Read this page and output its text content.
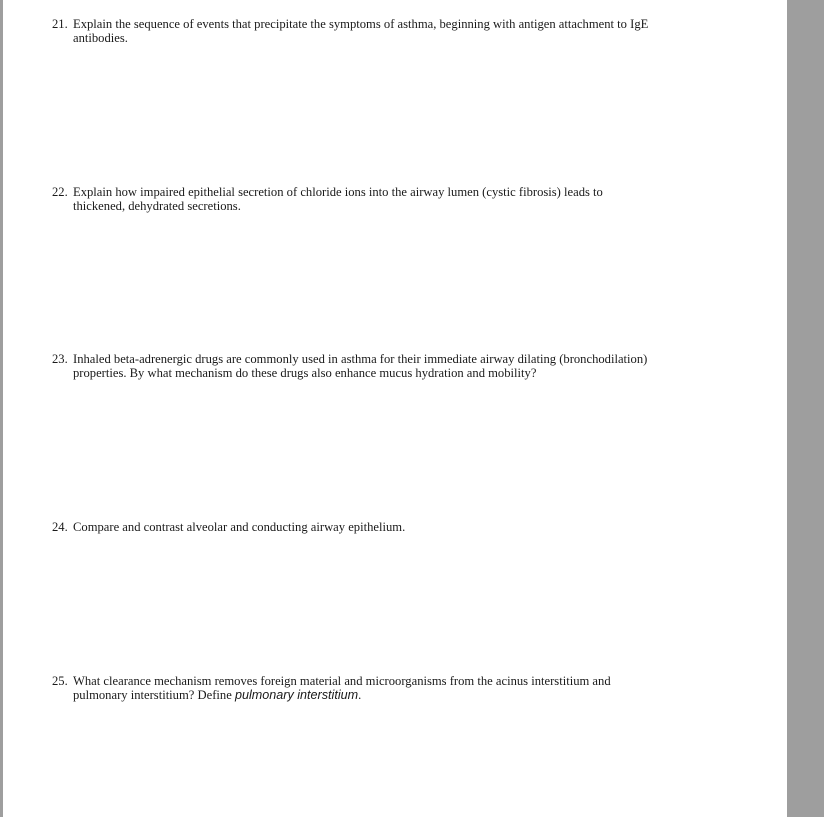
21. Explain the sequence of events that precipitate the symptoms of asthma, beginning with antigen attachment to IgE
antibodies.
22. Explain how impaired epithelial secretion of chloride ions into the airway lumen (cystic fibrosis) leads to
thickened, dehydrated secretions.
23. Inhaled beta-adrenergic drugs are commonly used in asthma for their immediate airway dilating (bronchodilation)
properties. By what mechanism do these drugs also enhance mucus hydration and mobility?
24. Compare and contrast alveolar and conducting airway epithelium.
25. What clearance mechanism removes foreign material and microorganisms from the acinus interstitium and
pulmonary interstitium? Define pulmonary interstitium.
